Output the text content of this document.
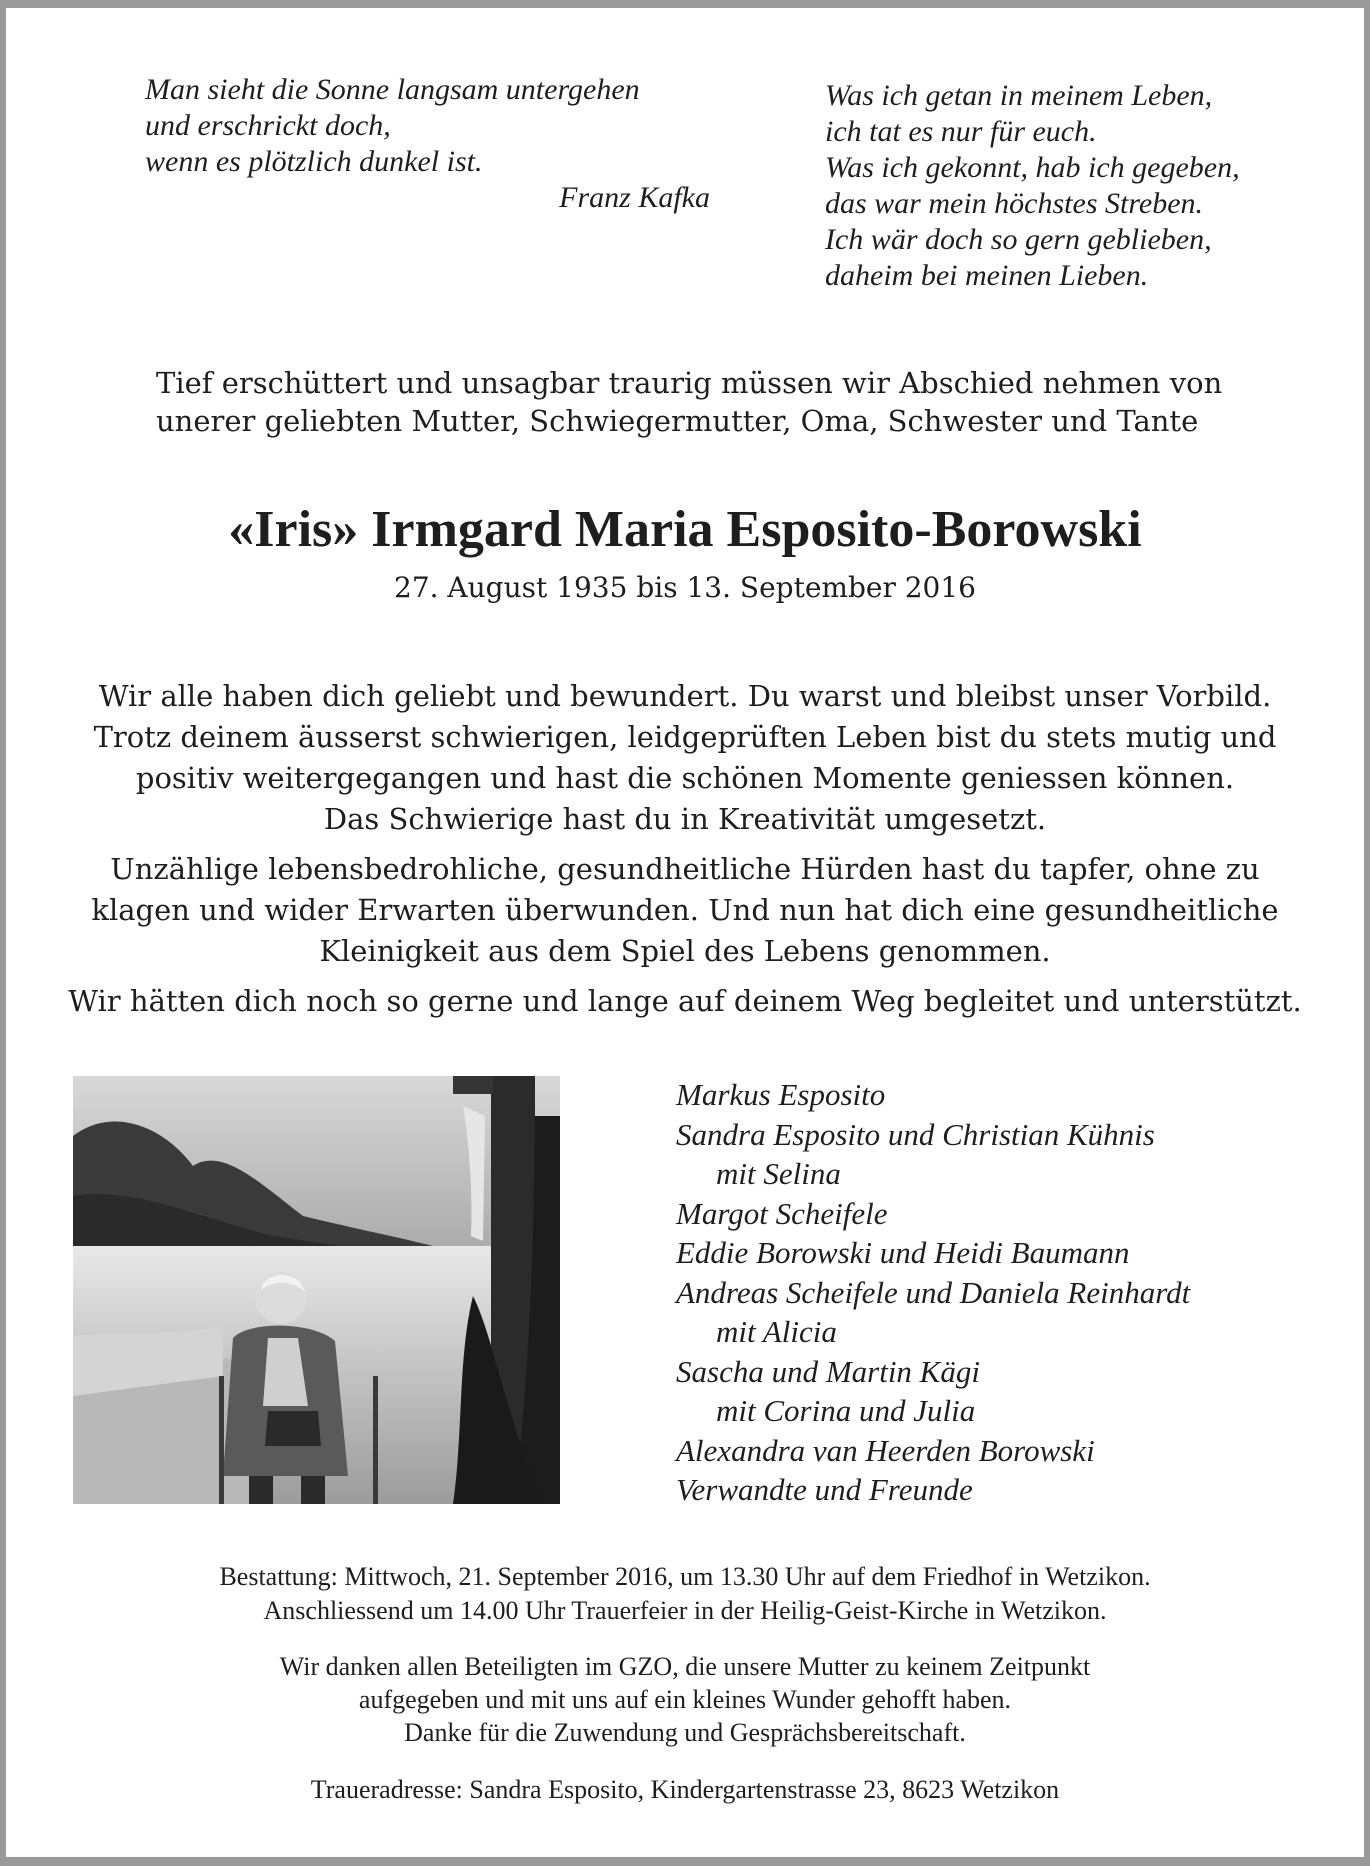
Man sieht die Sonne langsam untergehen
und erschrickt doch,
wenn es plötzlich dunkel ist.
Franz Kafka
Was ich getan in meinem Leben,
ich tat es nur für euch.
Was ich gekonnt, hab ich gegeben,
das war mein höchstes Streben.
Ich wär doch so gern geblieben,
daheim bei meinen Lieben.
Tief erschüttert und unsagbar traurig müssen wir Abschied nehmen von
unerer geliebten Mutter, Schwiegermutter, Oma, Schwester und Tante
«Iris» Irmgard Maria Esposito-Borowski
27. August 1935 bis 13. September 2016

Wir alle haben dich geliebt und bewundert. Du warst und bleibst unser Vorbild.
Trotz deinem äusserst schwierigen, leidgeprüften Leben bist du stets mutig und
positiv weitergegangen und hast die schönen Momente geniessen können.
Das Schwierige hast du in Kreativität umgesetzt.

Unzählige lebensbedrohliche, gesundheitliche Hürden hast du tapfer, ohne zu
klagen und wider Erwarten überwunden. Und nun hat dich eine gesundheitliche
Kleinigkeit aus dem Spiel des Lebens genommen.

Wir hätten dich noch so gerne und lange auf deinem Weg begleitet und unterstützt.

Markus Esposito
Sandra Esposito und Christian Kühnis
mit Selina
Margot Scheifele
Eddie Borowski und Heidi Baumann
Andreas Scheifele und Daniela Reinhardt
mit Alicia
Sascha und Martin Kägi
mit Corina und Julia
Alexandra van Heerden Borowski
Verwandte und Freunde
Bestattung: Mittwoch, 21. September 2016, um 13.30 Uhr auf dem Friedhof in Wetzikon.
Anschliessend um 14.00 Uhr Trauerfeier in der Heilig-Geist-Kirche in Wetzikon.
Wir danken allen Beteiligten im GZO, die unsere Mutter zu keinem Zeitpunkt
aufgegeben und mit uns auf ein kleines Wunder gehofft haben.
Danke für die Zuwendung und Gesprächsbereitschaft.
Traueradresse: Sandra Esposito, Kindergartenstrasse 23, 8623 Wetzikon
